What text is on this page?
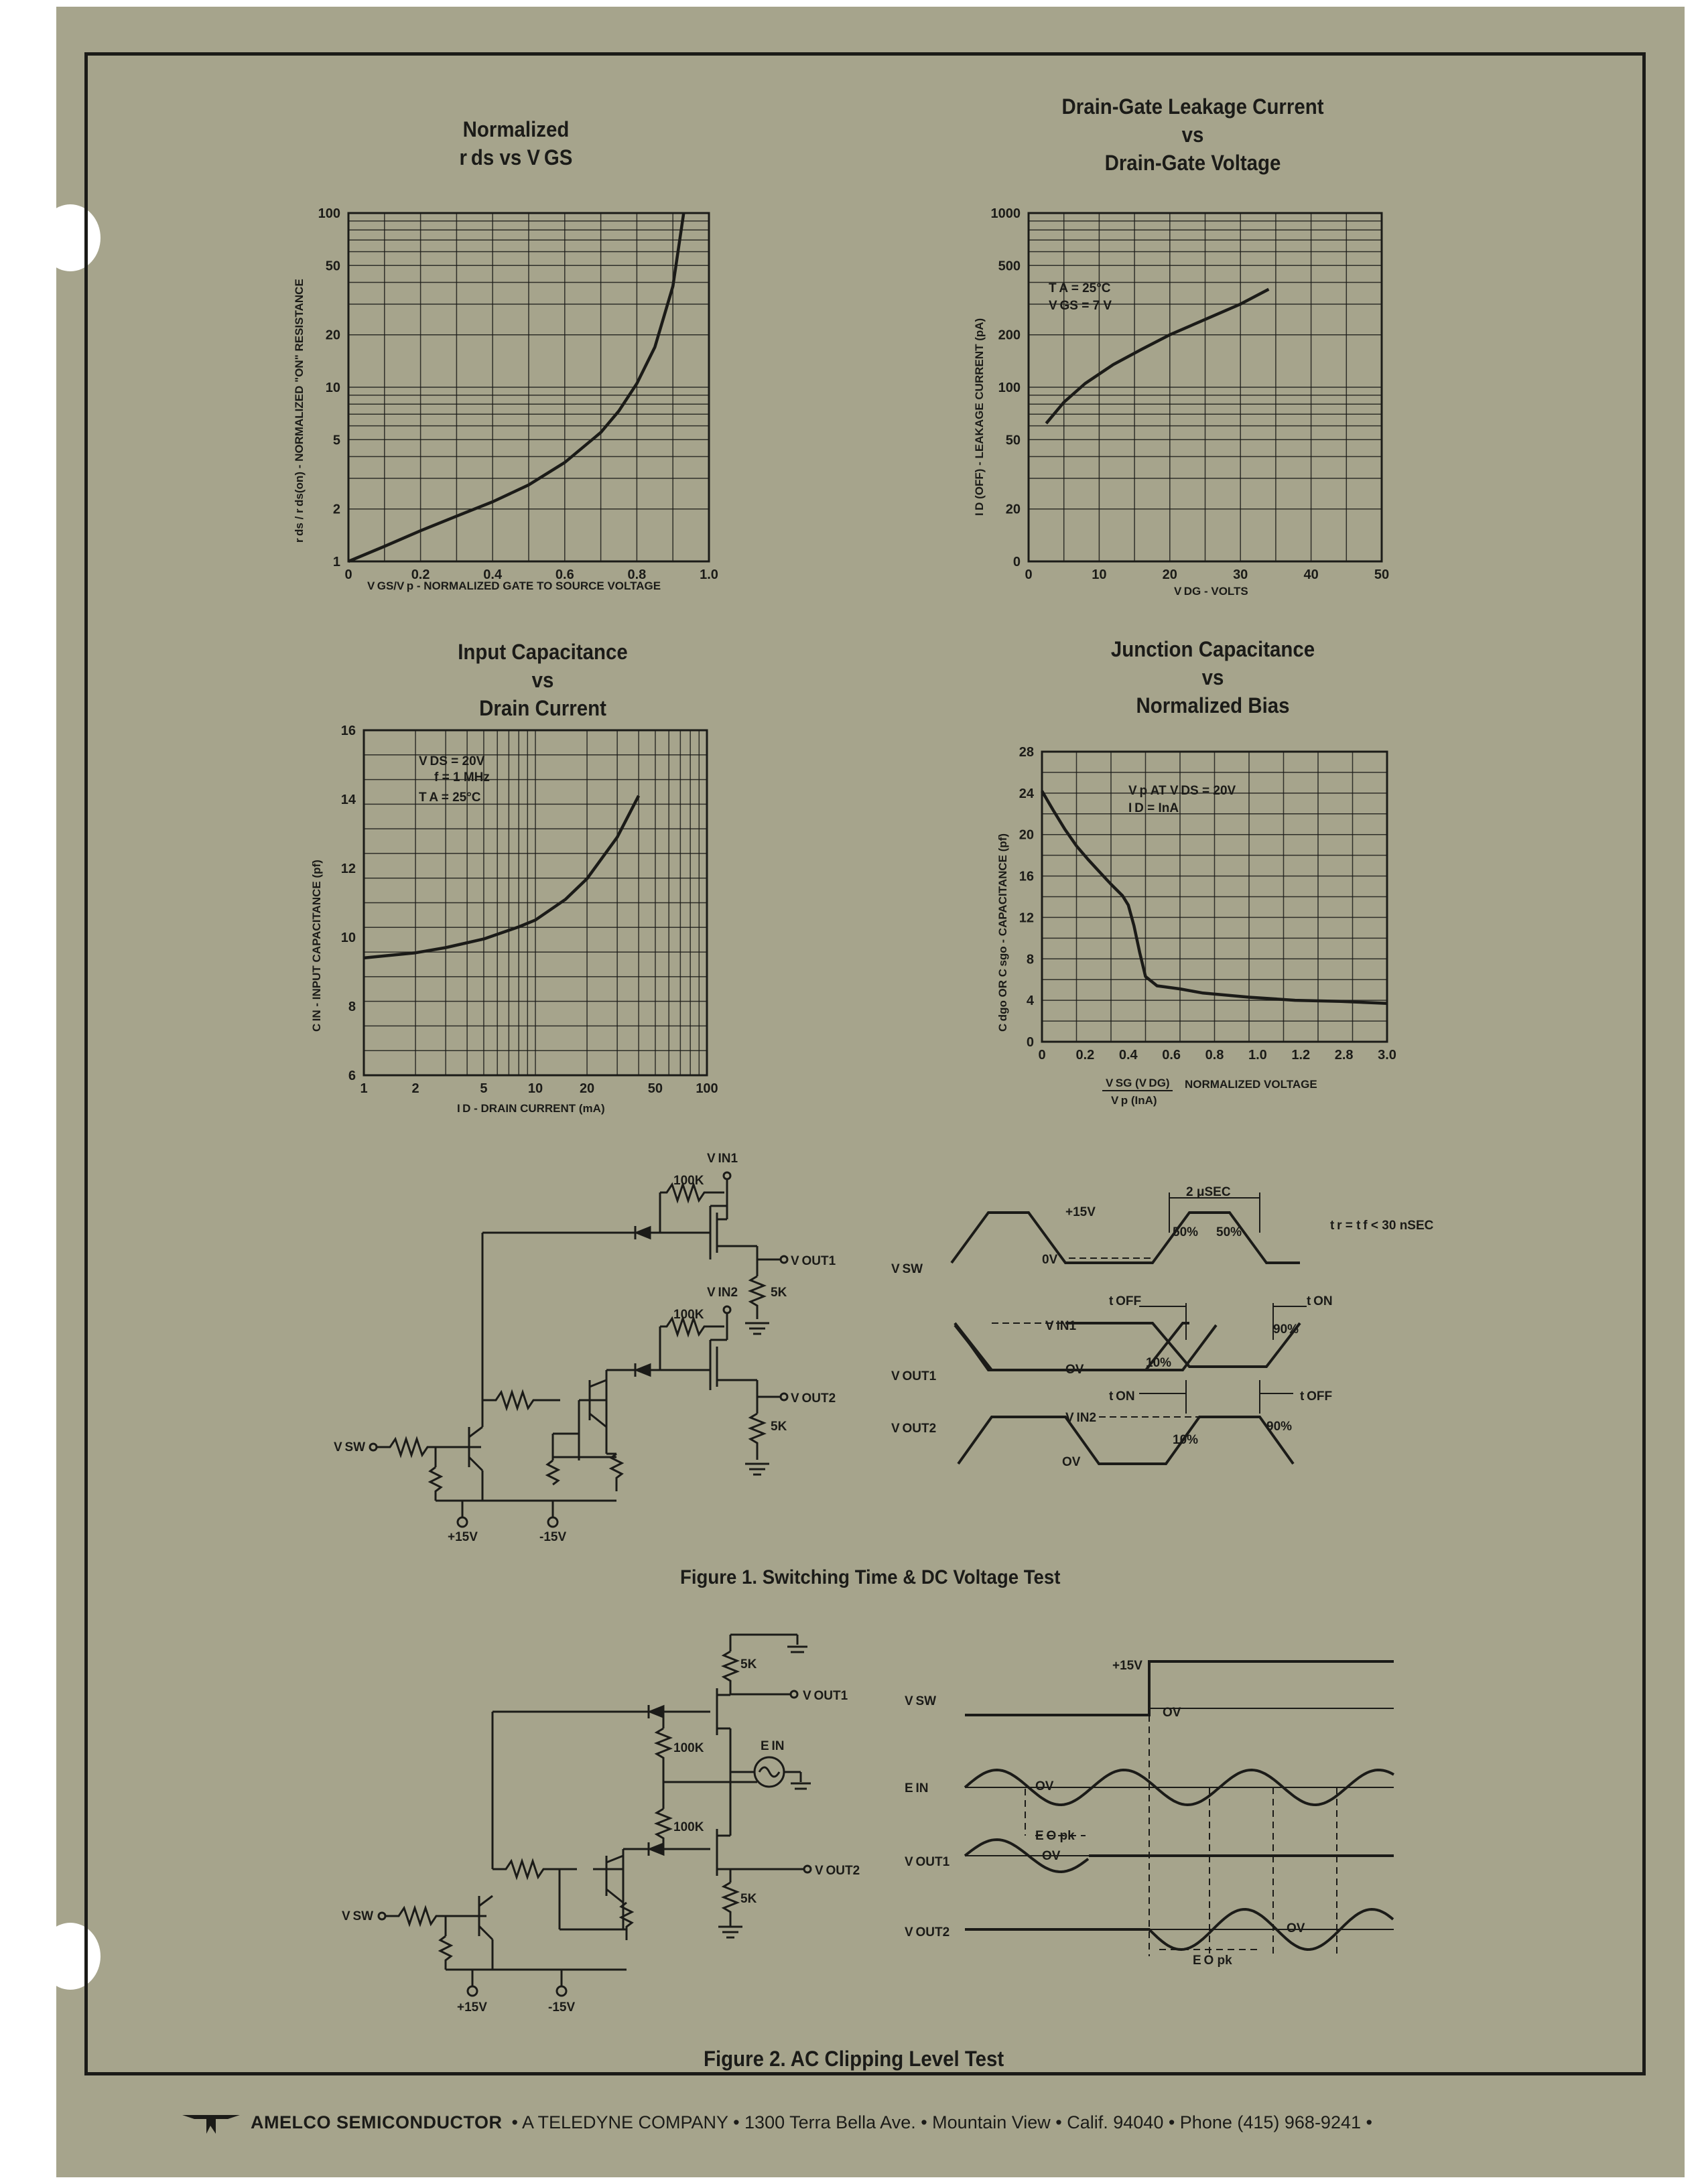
Normalized
r ds vs V GS
Drain-Gate Leakage Current
vs
Drain-Gate Voltage
Input Capacitance
vs
Drain Current
Junction Capacitance
vs
Normalized Bias
0	0.2	0.4	0.6	0.8	1.0
1
2
5
10
20
50
100
0	10	20	30	40	50
0
20
50
100
200
500
1000
1	2	5	10	20	50 100
6
8
10
12
14
16
0 0.2 0.4 0.6 0.8 1.0 1.2 2.8 3.0
0
4
8
12
16
20
24
28
V GS/V p - NORMALIZED GATE TO SOURCE VOLTAGE
r ds / r ds(on) - NORMALIZED "ON" RESISTANCE
V DG - VOLTS
I D (OFF) - LEAKAGE CURRENT (pA)
T A = 25°C
V GS = 7 V
I D - DRAIN CURRENT (mA)
C IN - INPUT CAPACITANCE (pf)
V DS = 20V
f = 1 MHz
T A = 25°C
V SG (V DG)
V p (InA)
NORMALIZED VOLTAGE
C dgo OR C sgo - CAPACITANCE (pf)
V p AT V DS = 20V
I D = InA
V IN1
100K
V OUT1
5K
V IN2
100K
V OUT2
5K
V SW
+15V	-15V
V SW
V OUT1
V OUT2
+15V
0V
OV
OV
2 μSEC
50% 50%	t r = t f < 30 nSEC
t OFF	t ON
t ON	t OFF
V IN1
V IN2
10%
90%
10%
90%
5K
V OUT1
100K
100K
E IN
V OUT2
5K
V SW
+15V	-15V
V SW
E IN
V OUT1
V OUT2
+15V
OV
OV
OV
OV
E O pk
E O pk
Figure 1. Switching Time & DC Voltage Test
Figure 2. AC Clipping Level Test
AMELCO SEMICONDUCTOR • A TELEDYNE COMPANY • 1300 Terra Bella Ave. • Mountain View • Calif. 94040 • Phone (415) 968-9241 •
